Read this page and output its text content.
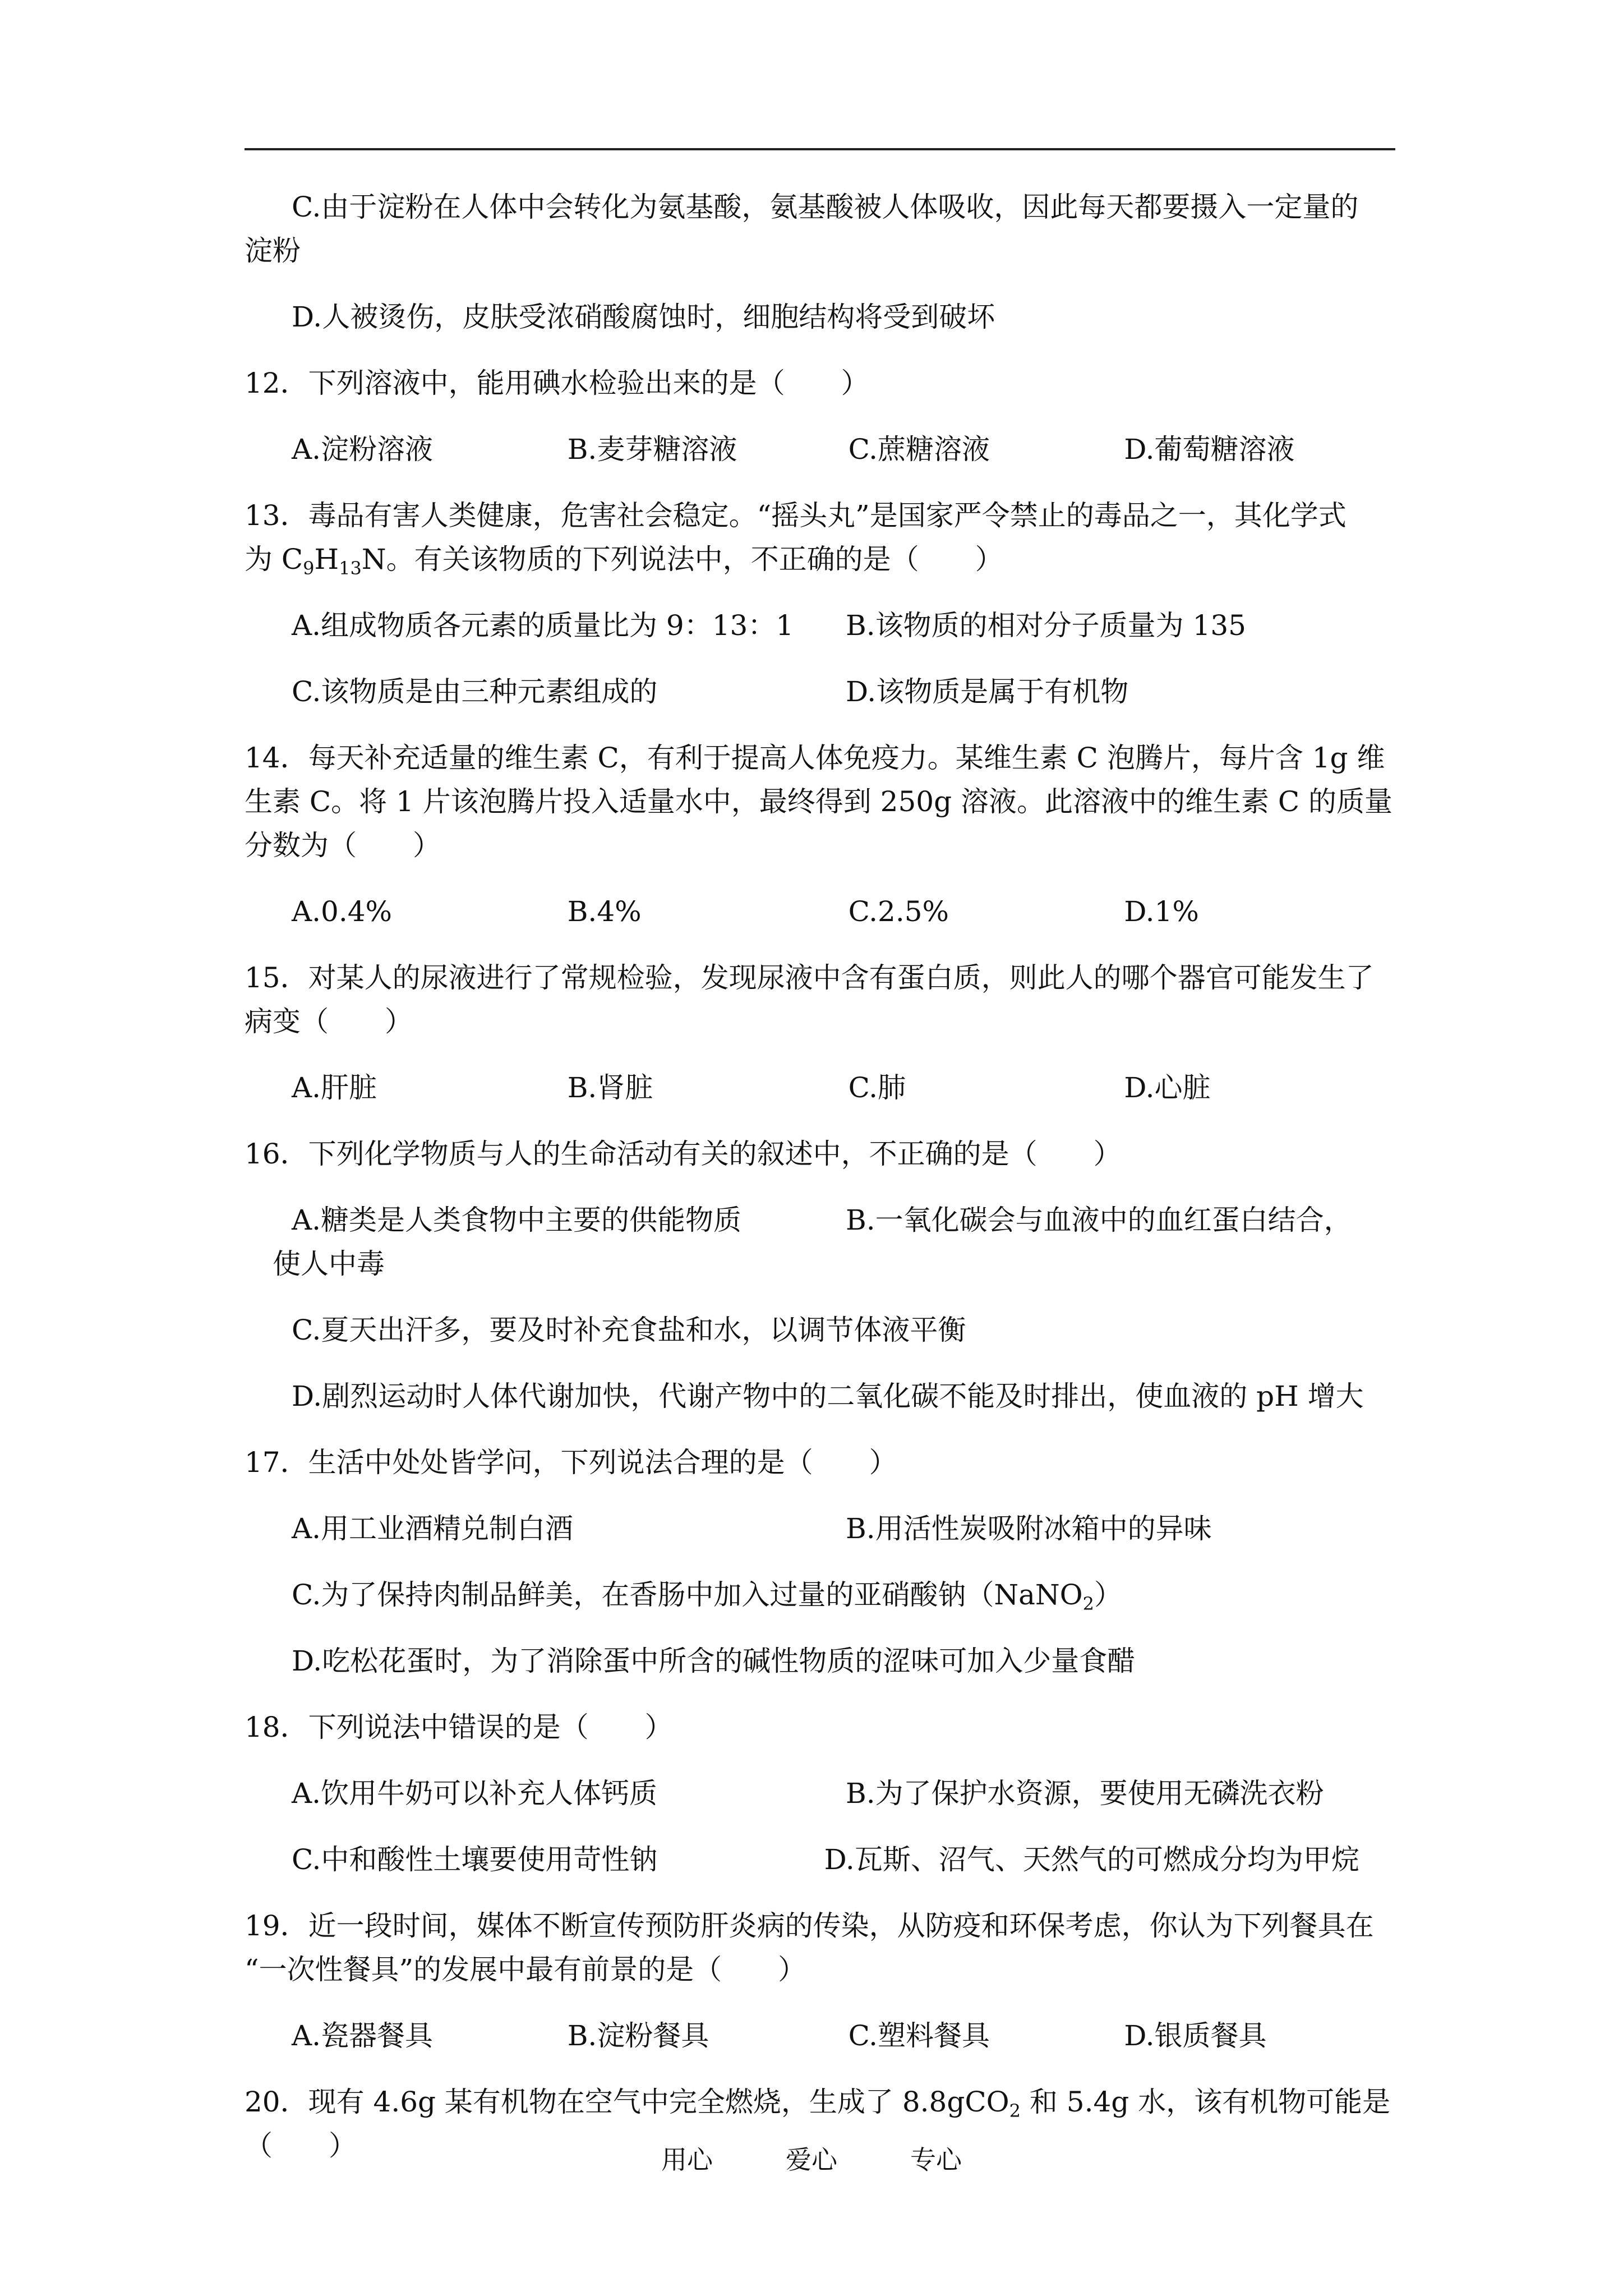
C.由于淀粉在人体中会转化为氨基酸，氨基酸被人体吸收，因此每天都要摄入一定量的
淀粉

D.人被烫伤，皮肤受浓硝酸腐蚀时，细胞结构将受到破坏

12．下列溶液中，能用碘水检验出来的是（　　）

A.淀粉溶液	B.麦芽糖溶液	C.蔗糖溶液	D.葡萄糖溶液

13．毒品有害人类健康，危害社会稳定。“摇头丸”是国家严令禁止的毒品之一，其化学式
为 $C_9H_{13}N$。有关该物质的下列说法中，不正确的是（　　）

A.组成物质各元素的质量比为 9：13：1	B.该物质的相对分子质量为 135
C.该物质是由三种元素组成的	D.该物质是属于有机物

14．每天补充适量的维生素 C，有利于提高人体免疫力。某维生素 C 泡腾片，每片含 1g 维
生素 C。将 1 片该泡腾片投入适量水中，最终得到 250g 溶液。此溶液中的维生素 C 的质量
分数为（　　）

A.0.4%	B.4%	C.2.5%	D.1%

15．对某人的尿液进行了常规检验，发现尿液中含有蛋白质，则此人的哪个器官可能发生了
病变（　　）

A.肝脏	B.肾脏	C.肺	D.心脏

16．下列化学物质与人的生命活动有关的叙述中，不正确的是（　　）

A.糖类是人类食物中主要的供能物质	B.一氧化碳会与血液中的血红蛋白结合，

使人中毒

C.夏天出汗多，要及时补充食盐和水，以调节体液平衡

D.剧烈运动时人体代谢加快，代谢产物中的二氧化碳不能及时排出，使血液的 pH 增大

17．生活中处处皆学问，下列说法合理的是（　　）

A.用工业酒精兑制白酒	B.用活性炭吸附冰箱中的异味

C.为了保持肉制品鲜美，在香肠中加入过量的亚硝酸钠（NaNO$_2$）

D.吃松花蛋时，为了消除蛋中所含的碱性物质的涩味可加入少量食醋

18．下列说法中错误的是（　　）

A.饮用牛奶可以补充人体钙质	B.为了保护水资源，要使用无磷洗衣粉
C.中和酸性土壤要使用苛性钠	D.瓦斯、沼气、天然气的可燃成分均为甲烷

19．近一段时间，媒体不断宣传预防肝炎病的传染，从防疫和环保考虑，你认为下列餐具在
“一次性餐具”的发展中最有前景的是（　　）

A.瓷器餐具	B.淀粉餐具	C.塑料餐具	D.银质餐具

20．现有 4.6g 某有机物在空气中完全燃烧，生成了 8.8gCO$_2$ 和 5.4g 水，该有机物可能是（　　）	用心	爱心	专心
